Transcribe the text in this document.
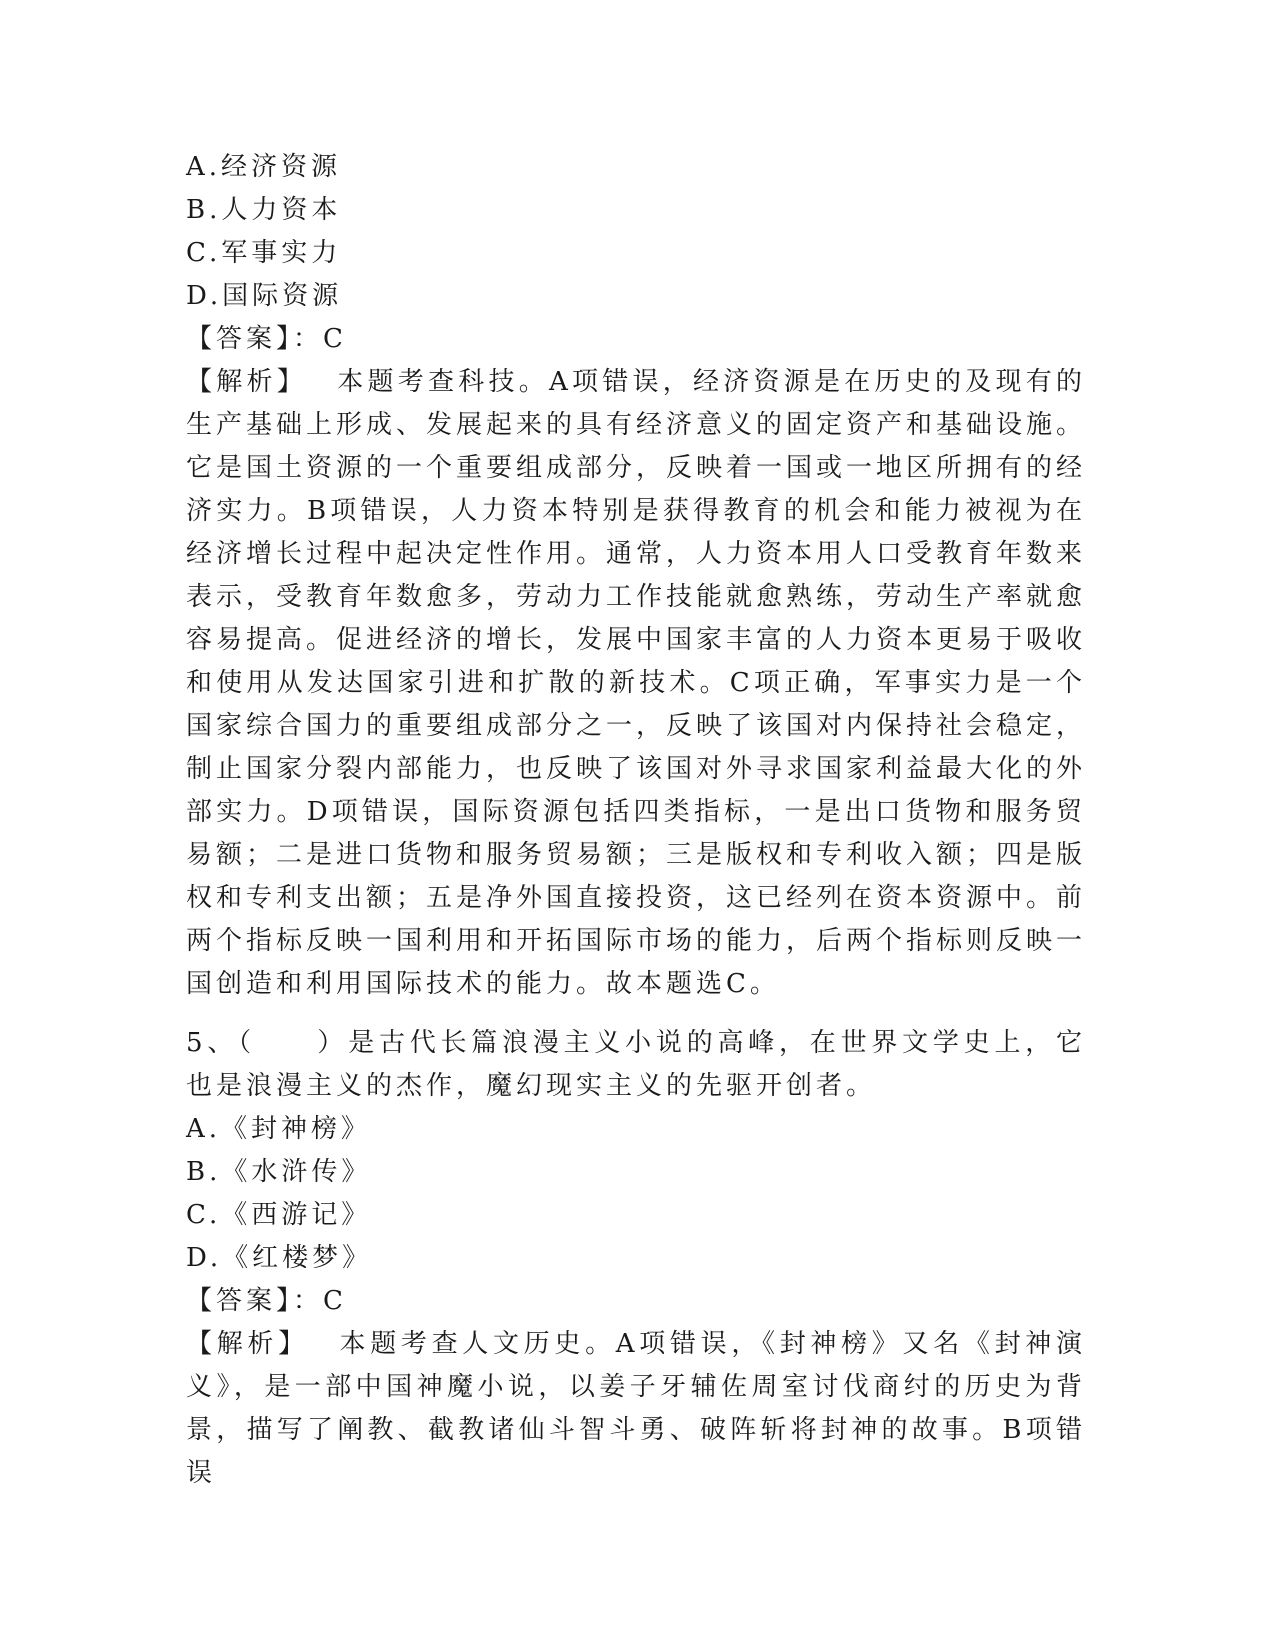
A.经济资源
B.人力资本
C.军事实力
D.国际资源
【答案】：C
【解析】 本题考查科技。A项错误，经济资源是在历史的及现有的生产基础上形成、发展起来的具有经济意义的固定资产和基础设施。它是国土资源的一个重要组成部分，反映着一国或一地区所拥有的经济实力。B项错误，人力资本特别是获得教育的机会和能力被视为在经济增长过程中起决定性作用。通常，人力资本用人口受教育年数来表示，受教育年数愈多，劳动力工作技能就愈熟练，劳动生产率就愈容易提高。促进经济的增长，发展中国家丰富的人力资本更易于吸收和使用从发达国家引进和扩散的新技术。C项正确，军事实力是一个国家综合国力的重要组成部分之一，反映了该国对内保持社会稳定，制止国家分裂内部能力，也反映了该国对外寻求国家利益最大化的外部实力。D项错误，国际资源包括四类指标，一是出口货物和服务贸易额；二是进口货物和服务贸易额；三是版权和专利收入额；四是版权和专利支出额；五是净外国直接投资，这已经列在资本资源中。前两个指标反映一国利用和开拓国际市场的能力，后两个指标则反映一国创造和利用国际技术的能力。故本题选C。
5、（　　）是古代长篇浪漫主义小说的高峰，在世界文学史上，它也是浪漫主义的杰作，魔幻现实主义的先驱开创者。
A.《封神榜》
B.《水浒传》
C.《西游记》
D.《红楼梦》
【答案】：C
【解析】 本题考查人文历史。A项错误，《封神榜》又名《封神演义》，是一部中国神魔小说，以姜子牙辅佐周室讨伐商纣的历史为背景，描写了阐教、截教诸仙斗智斗勇、破阵斩将封神的故事。B项错误
